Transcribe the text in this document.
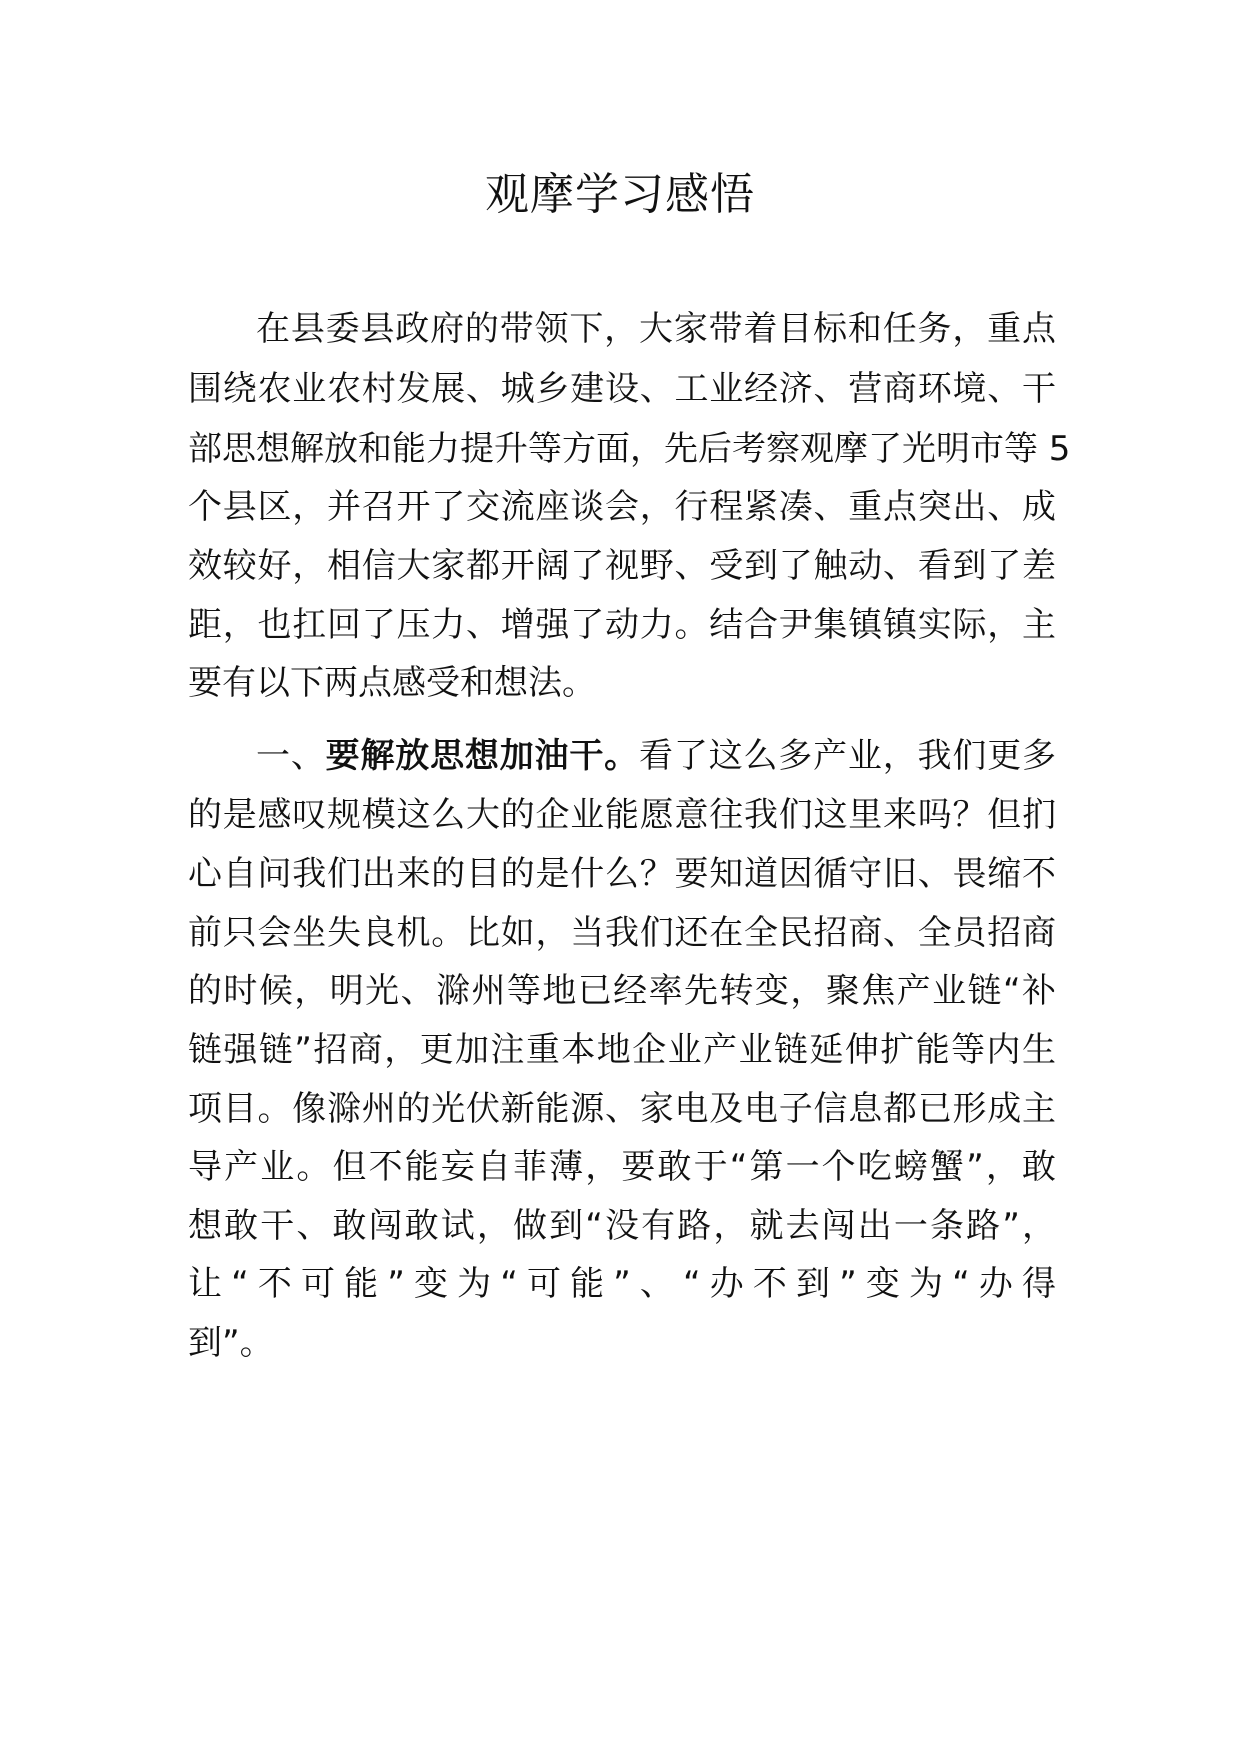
观摩学习感悟
在县委县政府的带领下，大家带着目标和任务，重点
围绕农业农村发展、城乡建设、工业经济、营商环境、干
部思想解放和能力提升等方面，先后考察观摩了光明市等 5
个县区，并召开了交流座谈会，行程紧凑、重点突出、成
效较好，相信大家都开阔了视野、受到了触动、看到了差
距，也扛回了压力、增强了动力。结合尹集镇镇实际，主
要有以下两点感受和想法。
一、要解放思想加油干。看了这么多产业，我们更多
的是感叹规模这么大的企业能愿意往我们这里来吗？但扪
心自问我们出来的目的是什么？要知道因循守旧、畏缩不
前只会坐失良机。比如，当我们还在全民招商、全员招商
的时候，明光、滁州等地已经率先转变，聚焦产业链“补
链强链”招商，更加注重本地企业产业链延伸扩能等内生
项目。像滁州的光伏新能源、家电及电子信息都已形成主
导产业。但不能妄自菲薄，要敢于“第一个吃螃蟹”，敢
想敢干、敢闯敢试，做到“没有路，就去闯出一条路”，
让“不可能”变为“可能”、“办不到”变为“办得
到”。
